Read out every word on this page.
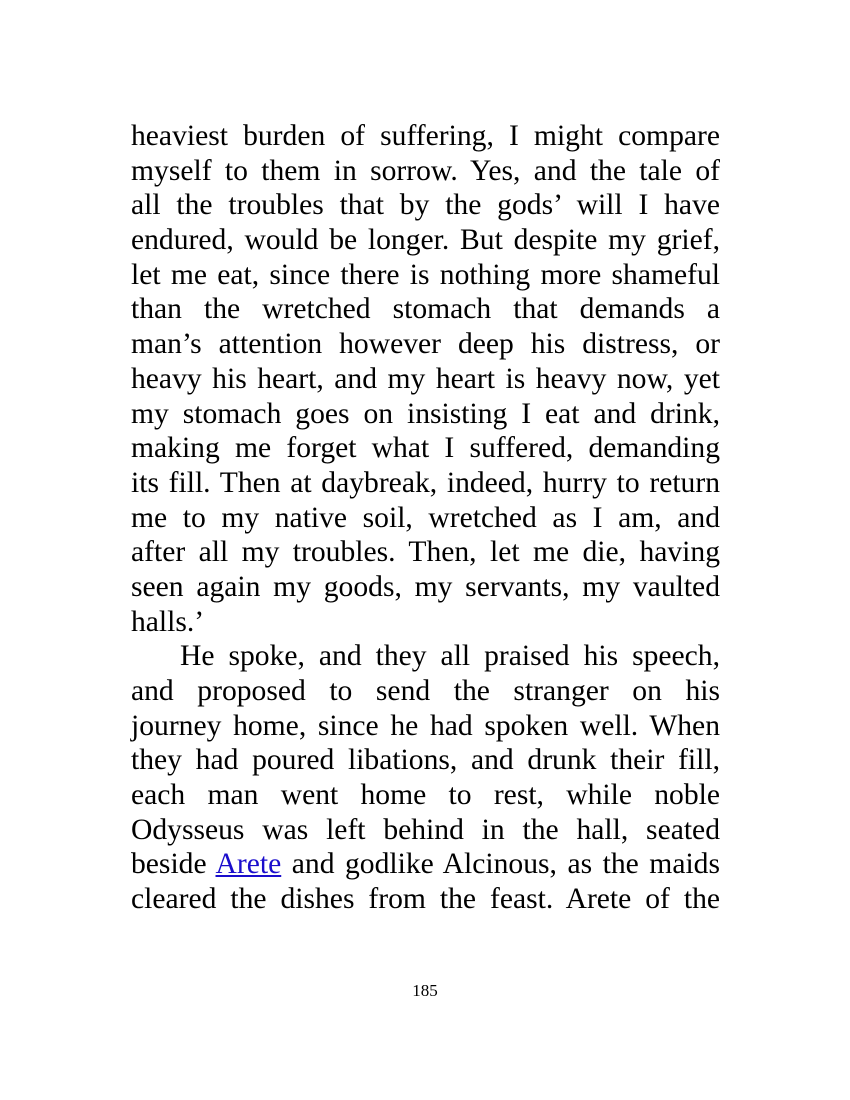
heaviest burden of suffering, I might compare
myself to them in sorrow. Yes, and the tale of
all the troubles that by the gods’ will I have
endured, would be longer. But despite my grief,
let me eat, since there is nothing more shameful
than the wretched stomach that demands a
man’s attention however deep his distress, or
heavy his heart, and my heart is heavy now, yet
my stomach goes on insisting I eat and drink,
making me forget what I suffered, demanding
its fill. Then at daybreak, indeed, hurry to return
me to my native soil, wretched as I am, and
after all my troubles. Then, let me die, having
seen again my goods, my servants, my vaulted
halls.’
He spoke, and they all praised his speech,
and proposed to send the stranger on his
journey home, since he had spoken well. When
they had poured libations, and drunk their fill,
each man went home to rest, while noble
Odysseus was left behind in the hall, seated
beside Arete and godlike Alcinous, as the maids
cleared the dishes from the feast. Arete of the
185
